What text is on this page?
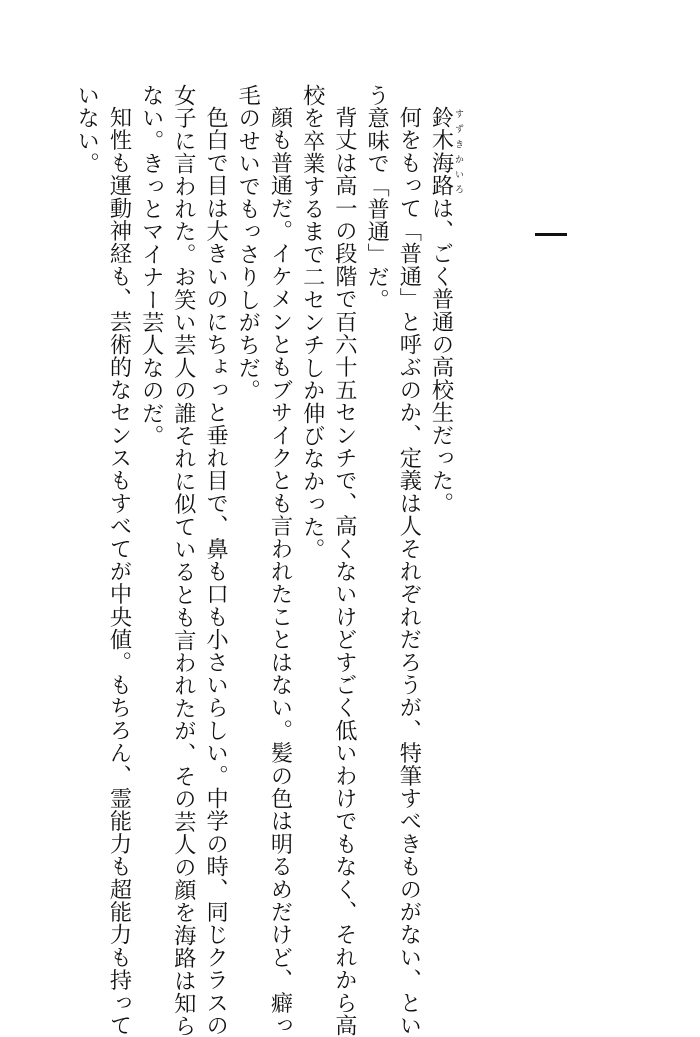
鈴木海路 すずきかいろは、ごく普通の高校生だった。
何をもって「普通」と呼ぶのか、定義は人それぞれだろうが、特筆すべきものがない、とい
う意味で「普通」だ。
背丈は高一の段階で百六十五センチで、高くないけどすごく低いわけでもなく、それから高
校を卒業するまで二センチしか伸びなかった。
顔も普通だ。イケメンともブサイクとも言われたことはない。髪の色は明るめだけど、癖っ
毛のせいでもっさりしがちだ。
色白で目は大きいのにちょっと垂れ目で、鼻も口も小さいらしい。中学の時、同じクラスの
女子に言われた。お笑い芸人の誰それに似ているとも言われたが、その芸人の顔を海路は知ら
ない。きっとマイナー芸人なのだ。
知性も運動神経も、芸術的なセンスもすべてが中央値。もちろん、霊能力も超能力も持って
いない。
